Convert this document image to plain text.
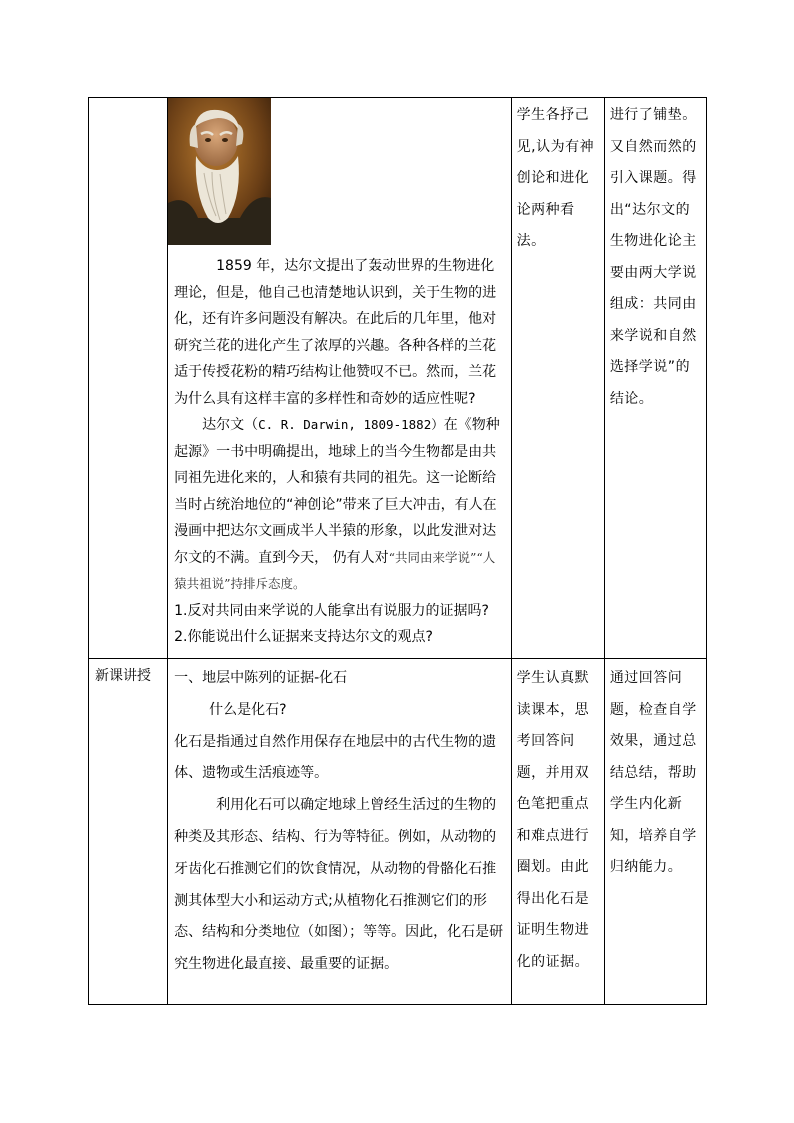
	1859 年，达尔文提出了轰动世界的生物进化理论，但是，他自己也清楚地认识到，关于生物的进化，还有许多问题没有解决。在此后的几年里，他对研究兰花的进化产生了浓厚的兴趣。各种各样的兰花适于传授花粉的精巧结构让他赞叹不已。然而，兰花为什么具有这样丰富的多样性和奇妙的适应性呢?

达尔文（C. R. Darwin, 1809-1882）在《物种起源》一书中明确提出，地球上的当今生物都是由共同祖先进化来的，人和猿有共同的祖先。这一论断给当时占统治地位的“神创论”带来了巨大冲击，有人在漫画中把达尔文画成半人半猿的形象，以此发泄对达尔文的不满。直到今天， 仍有人对“共同由来学说”“人猿共祖说”持排斥态度。

1.反对共同由来学说的人能拿出有说服力的证据吗?

2.你能说出什么证据来支持达尔文的观点?	学生各抒己见,认为有神创论和进化论两种看法。	进行了铺垫。又自然而然的引入课题。得出“达尔文的生物进化论主要由两大学说组成：共同由来学说和自然选择学说”的结论。

新课讲授	一、地层中陈列的证据-化石

什么是化石?

化石是指通过自然作用保存在地层中的古代生物的遗体、遗物或生活痕迹等。

利用化石可以确定地球上曾经生活过的生物的种类及其形态、结构、行为等特征。例如，从动物的牙齿化石推测它们的饮食情况，从动物的骨骼化石推测其体型大小和运动方式;从植物化石推测它们的形态、结构和分类地位（如图）；等等。因此，化石是研究生物进化最直接、最重要的证据。	学生认真默读课本，思考回答问题，并用双色笔把重点和难点进行圈划。由此得出化石是证明生物进化的证据。	通过回答问题，检查自学效果，通过总结总结，帮助学生内化新知，培养自学归纳能力。
